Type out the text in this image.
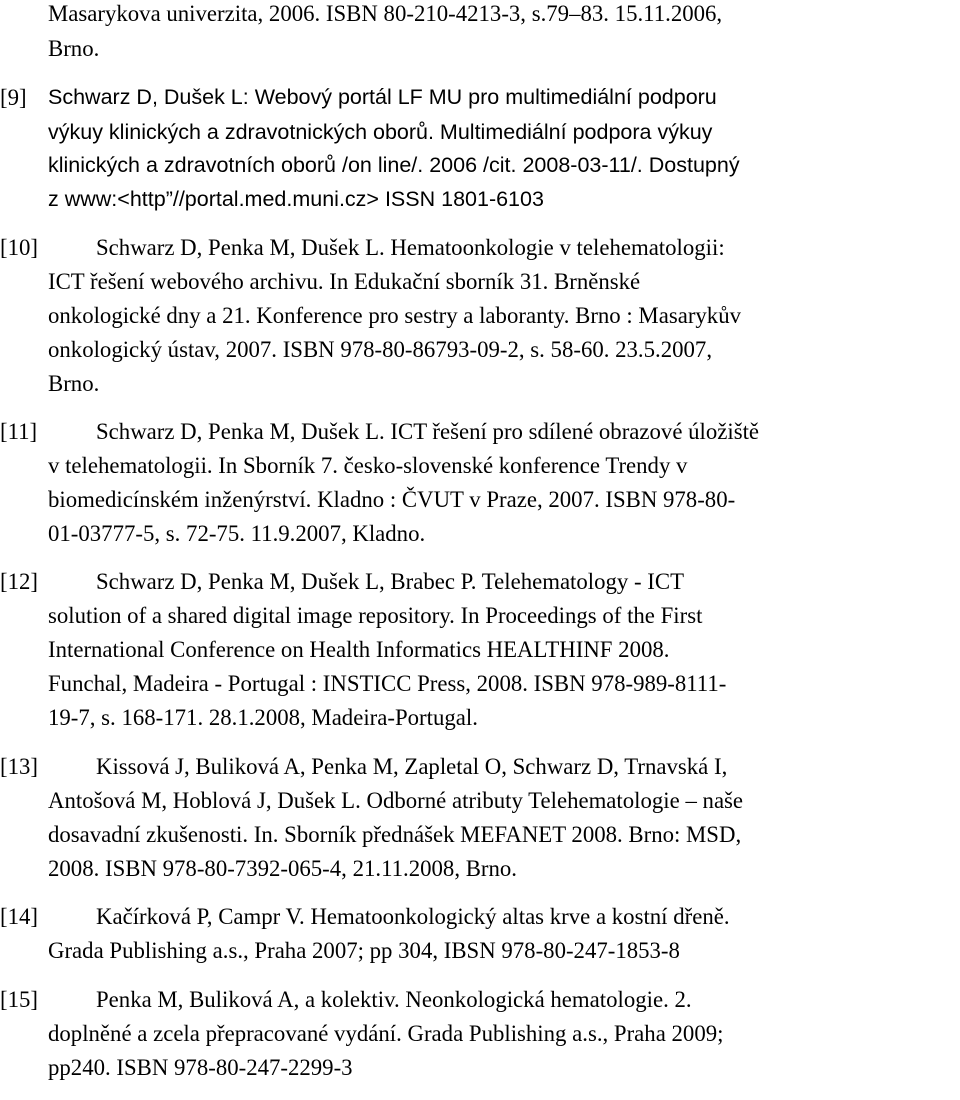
Masarykova univerzita, 2006. ISBN 80-210-4213-3, s.79–83. 15.11.2006,
Brno.
[9] Schwarz D, Dušek L: Webový portál LF MU pro multimediální podporu
výkuy klinických a zdravotnických oborů. Multimediální podpora výkuy
klinických a zdravotních oborů /on line/. 2006 /cit. 2008-03-11/. Dostupný
z www:<http”//portal.med.muni.cz> ISSN 1801-6103
[10]	Schwarz D, Penka M, Dušek L. Hematoonkologie v telehematologii:
ICT řešení webového archivu. In Edukační sborník 31. Brněnské
onkologické dny a 21. Konference pro sestry a laboranty. Brno : Masarykův
onkologický ústav, 2007. ISBN 978-80-86793-09-2, s. 58-60. 23.5.2007,
Brno.
[11]	Schwarz D, Penka M, Dušek L. ICT řešení pro sdílené obrazové úložiště
v telehematologii. In Sborník 7. česko-slovenské konference Trendy v
biomedicínském inženýrství. Kladno : ČVUT v Praze, 2007. ISBN 978-80-
01-03777-5, s. 72-75. 11.9.2007, Kladno.
[12]	Schwarz D, Penka M, Dušek L, Brabec P. Telehematology - ICT
solution of a shared digital image repository. In Proceedings of the First
International Conference on Health Informatics HEALTHINF 2008.
Funchal, Madeira - Portugal : INSTICC Press, 2008. ISBN 978-989-8111-
19-7, s. 168-171. 28.1.2008, Madeira-Portugal.
[13]	Kissová J, Buliková A, Penka M, Zapletal O, Schwarz D, Trnavská I,
Antošová M, Hoblová J, Dušek L. Odborné atributy Telehematologie – naše
dosavadní zkušenosti. In. Sborník přednášek MEFANET 2008. Brno: MSD,
2008. ISBN 978-80-7392-065-4, 21.11.2008, Brno.
[14]	Kačírková P, Campr V. Hematoonkologický altas krve a kostní dřeně.
Grada Publishing a.s., Praha 2007; pp 304, IBSN 978-80-247-1853-8
[15]	Penka M, Buliková A, a kolektiv. Neonkologická hematologie. 2.
doplněné a zcela přepracované vydání. Grada Publishing a.s., Praha 2009;
pp240. ISBN 978-80-247-2299-3
